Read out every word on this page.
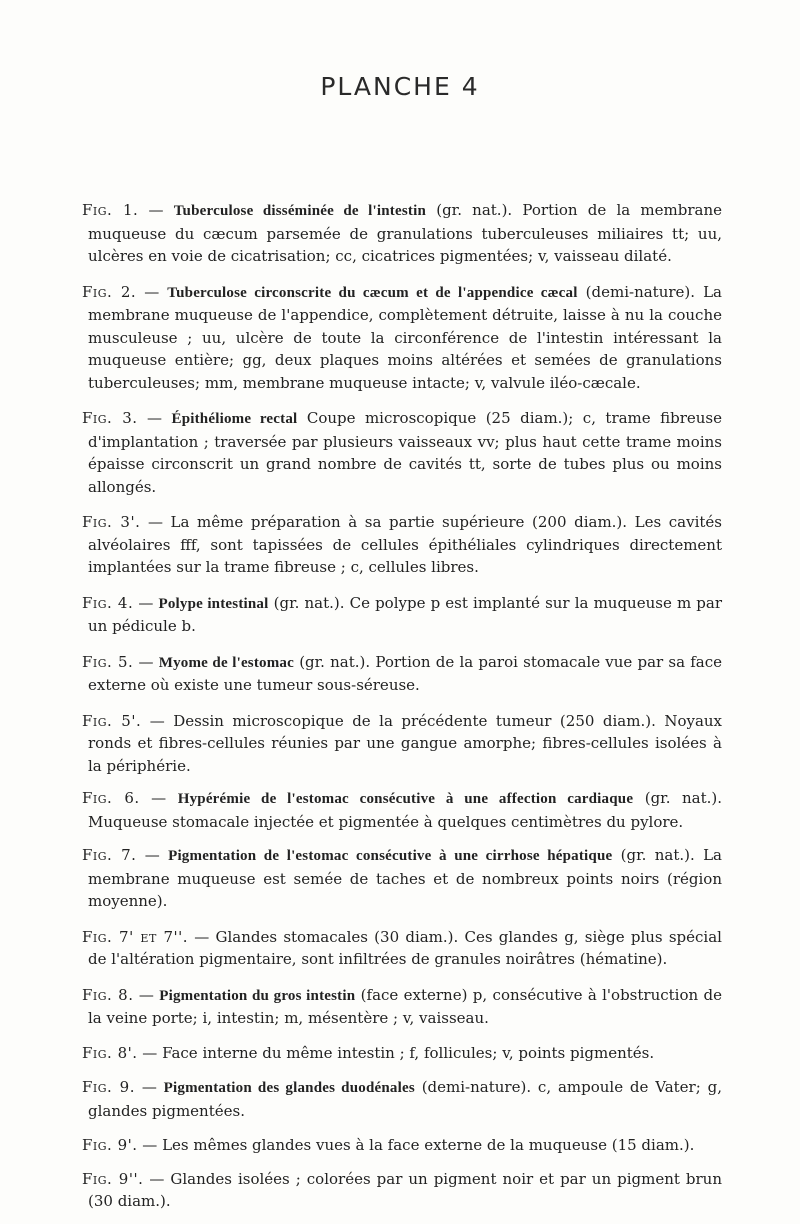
PLANCHE 4
Fig. 1. — Tuberculose disséminée de l'intestin (gr. nat.). Portion de la membrane muqueuse du cæcum parsemée de granulations tuberculeuses miliaires tt; uu, ulcères en voie de cicatrisation; cc, cicatrices pigmentées; v, vaisseau dilaté.
Fig. 2. — Tuberculose circonscrite du cæcum et de l'appendice cæcal (demi-nature). La membrane muqueuse de l'appendice, complètement détruite, laisse à nu la couche musculeuse ; uu, ulcère de toute la circonférence de l'intestin intéressant la muqueuse entière; gg, deux plaques moins altérées et semées de granulations tuberculeuses; mm, membrane muqueuse intacte; v, valvule iléo-cæcale.
Fig. 3. — Épithéliome rectal Coupe microscopique (25 diam.); c, trame fibreuse d'implantation ; traversée par plusieurs vaisseaux vv; plus haut cette trame moins épaisse circonscrit un grand nombre de cavités tt, sorte de tubes plus ou moins allongés.
Fig. 3'. — La même préparation à sa partie supérieure (200 diam.). Les cavités alvéolaires fff, sont tapissées de cellules épithéliales cylindriques directement implantées sur la trame fibreuse ; c, cellules libres.
Fig. 4. — Polype intestinal (gr. nat.). Ce polype p est implanté sur la muqueuse m par un pédicule b.
Fig. 5. — Myome de l'estomac (gr. nat.). Portion de la paroi stomacale vue par sa face externe où existe une tumeur sous-séreuse.
Fig. 5'. — Dessin microscopique de la précédente tumeur (250 diam.). Noyaux ronds et fibres-cellules réunies par une gangue amorphe; fibres-cellules isolées à la périphérie.
Fig. 6. — Hypérémie de l'estomac consécutive à une affection cardiaque (gr. nat.). Muqueuse stomacale injectée et pigmentée à quelques centimètres du pylore.
Fig. 7. — Pigmentation de l'estomac consécutive à une cirrhose hépatique (gr. nat.). La membrane muqueuse est semée de taches et de nombreux points noirs (région moyenne).
Fig. 7' et 7''. — Glandes stomacales (30 diam.). Ces glandes g, siège plus spécial de l'altération pigmentaire, sont infiltrées de granules noirâtres (hématine).
Fig. 8. — Pigmentation du gros intestin (face externe) p, consécutive à l'obstruction de la veine porte; i, intestin; m, mésentère ; v, vaisseau.
Fig. 8'. — Face interne du même intestin ; f, follicules; v, points pigmentés.
Fig. 9. — Pigmentation des glandes duodénales (demi-nature). c, ampoule de Vater; g, glandes pigmentées.
Fig. 9'. — Les mêmes glandes vues à la face externe de la muqueuse (15 diam.).
Fig. 9''. — Glandes isolées ; colorées par un pigment noir et par un pigment brun (30 diam.).
